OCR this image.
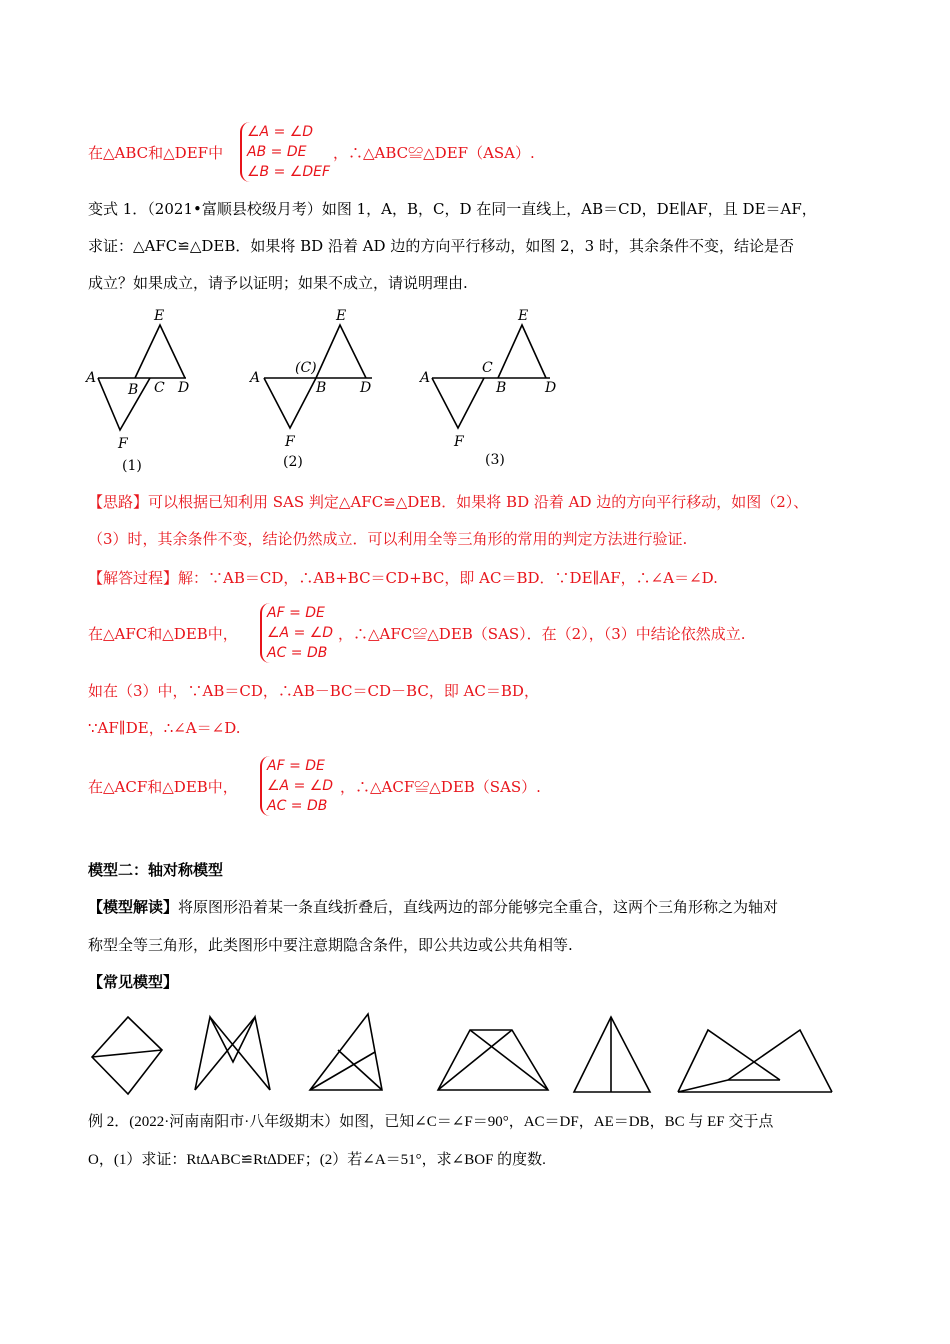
在△ABC和△DEF中
∠A = ∠D
AB = DE
∠B = ∠DEF
，∴△ABC≌△DEF（ASA）.
变式 1．（2021•富顺县校级月考）如图 1，A，B，C，D 在同一直线上，AB＝CD，DE∥AF，且 DE＝AF，
求证：△AFC≌△DEB．如果将 BD 沿着 AD 边的方向平行移动，如图 2，3 时，其余条件不变，结论是否
成立？如果成立，请予以证明；如果不成立，请说明理由.
A
B C D
E
F
(1)
A
(C)
B D
E
F
(2)
A
C
B	D
E
F
(3)
【思路】可以根据已知利用 SAS 判定△AFC≌△DEB．如果将 BD 沿着 AD 边的方向平行移动，如图（2）、
（3）时，其余条件不变，结论仍然成立．可以利用全等三角形的常用的判定方法进行验证.
【解答过程】解：∵AB＝CD，∴AB+BC＝CD+BC，即 AC＝BD．∵DE∥AF，∴∠A＝∠D.
在△AFC和△DEB中，
AF = DE
∠A = ∠D
AC = DB
，∴△AFC≌△DEB（SAS）．在（2），（3）中结论依然成立.
如在（3）中，∵AB＝CD，∴AB－BC＝CD－BC，即 AC＝BD，
∵AF∥DE，∴∠A＝∠D.
在△ACF和△DEB中，
AF = DE
∠A = ∠D
AC = DB
，∴△ACF≌△DEB（SAS）.
模型二：轴对称模型
【模型解读】将原图形沿着某一条直线折叠后，直线两边的部分能够完全重合，这两个三角形称之为轴对
称型全等三角形，此类图形中要注意期隐含条件，即公共边或公共角相等.
【常见模型】
例 2．(2022·河南南阳市·八年级期末）如图，已知∠C＝∠F＝90°，AC＝DF，AE＝DB，BC 与 EF 交于点
O，(1）求证：Rt∆ABC≌Rt∆DEF；(2）若∠A＝51°，求∠BOF 的度数.
